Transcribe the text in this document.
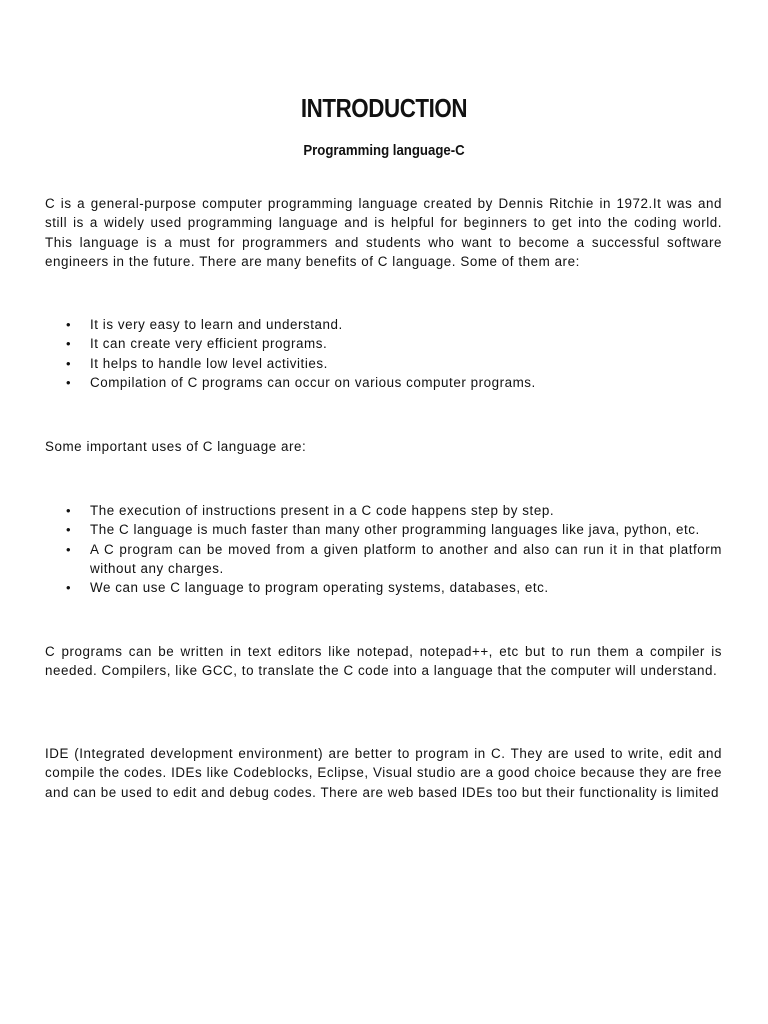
INTRODUCTION
Programming language-C

C is a general-purpose computer programming language created by Dennis Ritchie in 1972.It was and still is a widely used programming language and is helpful for beginners to get into the coding world. This language is a must for programmers and students who want to become a successful software engineers in the future. There are many benefits of C language. Some of them are:

• It is very easy to learn and understand.
• It can create very efficient programs.
• It helps to handle low level activities.
• Compilation of C programs can occur on various computer programs.

Some important uses of C language are:

• The execution of instructions present in a C code happens step by step.
• The C language is much faster than many other programming languages like java, python, etc.
• A C program can be moved from a given platform to another and also can run it in that platform without any charges.
• We can use C language to program operating systems, databases, etc.

C programs can be written in text editors like notepad, notepad++, etc but to run them a compiler is needed. Compilers, like GCC, to translate the C code into a language that the computer will understand.

IDE (Integrated development environment) are better to program in C. They are used to write, edit and compile the codes. IDEs like Codeblocks, Eclipse, Visual studio are a good choice because they are free and can be used to edit and debug codes. There are web based IDEs too but their functionality is limited
